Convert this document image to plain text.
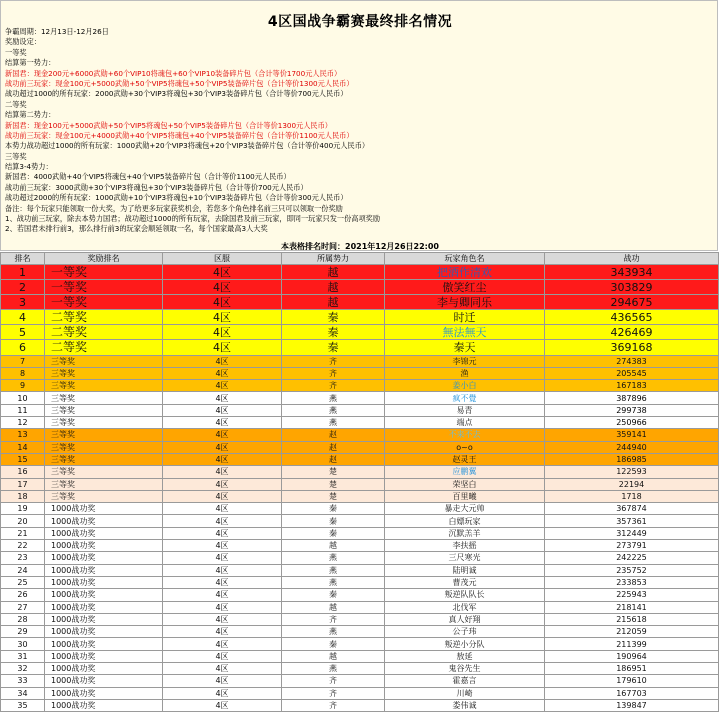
4区国战争霸赛最终排名情况
争霸周期：12月13日-12月26日
奖励设定：
一等奖
结算第一势力：
新国君：现金200元+6000武勋+60个VIP10将魂包+60个VIP10装备碎片包（合计等价1700元人民币）
战功前三玩家：现金100元+5000武勋+50个VIP5将魂包+50个VIP5装备碎片包（合计等价1300元人民币）
战功超过1000的所有玩家：2000武勋+30个VIP3将魂包+30个VIP3装备碎片包（合计等价700元人民币）
二等奖
结算第二势力：
新国君：现金100元+5000武勋+50个VIP5将魂包+50个VIP5装备碎片包（合计等价1300元人民币）
战功前三玩家：现金100元+4000武勋+40个VIP5将魂包+40个VIP5装备碎片包（合计等价1100元人民币）
本势力战功超过1000的所有玩家：1000武勋+20个VIP3将魂包+20个VIP3装备碎片包（合计等价400元人民币）
三等奖
结算3-4势力：
新国君：4000武勋+40个VIP5将魂包+40个VIP5装备碎片包（合计等价1100元人民币）
战功前三玩家：3000武勋+30个VIP3将魂包+30个VIP3装备碎片包（合计等价700元人民币）
战功超过2000的所有玩家：1000武勋+10个VIP3将魂包+10个VIP3装备碎片包（合计等价300元人民币）
备注：每个玩家只能领取一份大奖，为了给更多玩家获奖机会，若您多个角色排名前三只可以领取一份奖励
1、战功前三玩家，除去本势力国君；战功超过1000的所有玩家，去除国君及前三玩家，即同一玩家只发一份高项奖励
2、若国君未排行前3，那么排行前3的玩家会顺延领取一名，每个国家最高3人大奖
本表格排名时间：2021年12月26日22:00
排名	奖励排名	区服	所属势力	玩家角色名	战功
1	一等奖	4区	越	把酒作清欢	343934
2	一等奖	4区	越	傲笑红尘	303829
3	一等奖	4区	越	李与卿同乐	294675
4	二等奖	4区	秦	时迁	436565
5	二等奖	4区	秦	無法無天	426469
6	二等奖	4区	秦	秦天	369168
7	三等奖	4区	齐	李锦元	274383
8	三等奖	4区	齐	渔	205545
9	三等奖	4区	齐	姜小白	167183
10	三等奖	4区	燕	疯不覺	387896
11	三等奖	4区	燕	易青	299738
12	三等奖	4区	燕	端点	250966
13	三等奖	4区	赵	不来不去	359141
14	三等奖	4区	赵	o~o	244940
15	三等奖	4区	赵	赵灵王	186985
16	三等奖	4区	楚	应鹏翼	122593
17	三等奖	4区	楚	荣坚白	22194
18	三等奖	4区	楚	百里曦	1718
19	1000战功奖	4区	秦	暴走大元帅	367874
20	1000战功奖	4区	秦	白嫖玩家	357361
21	1000战功奖	4区	秦	沉默羔羊	312449
22	1000战功奖	4区	越	李扶摇	273791
23	1000战功奖	4区	燕	三尺寒光	242225
24	1000战功奖	4区	燕	陆明诚	235752
25	1000战功奖	4区	燕	曹茂元	233853
26	1000战功奖	4区	秦	叛逆队队长	225943
27	1000战功奖	4区	越	北伐军	218141
28	1000战功奖	4区	齐	真人好翔	215618
29	1000战功奖	4区	燕	公子玮	212059
30	1000战功奖	4区	秦	叛逆小分队	211399
31	1000战功奖	4区	越	敖延	190964
32	1000战功奖	4区	燕	鬼谷先生	186951
33	1000战功奖	4区	齐	霍嘉言	179610
34	1000战功奖	4区	齐	川崎	167703
35	1000战功奖	4区	齐	娄伟诚	139847
